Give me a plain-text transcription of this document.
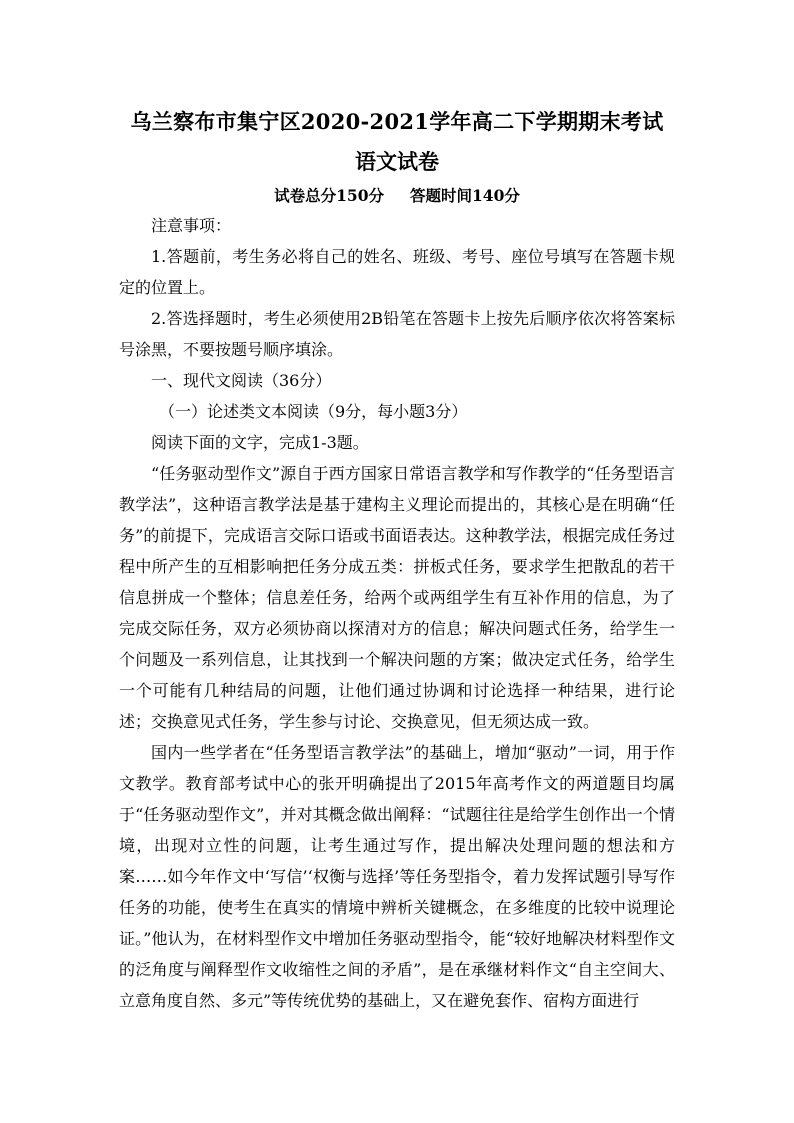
乌兰察布市集宁区2020-2021学年高二下学期期末考试
语文试卷
试卷总分150分 答题时间140分

注意事项：

1.答题前，考生务必将自己的姓名、班级、考号、座位号填写在答题卡规定的位置上。

2.答选择题时，考生必须使用2B铅笔在答题卡上按先后顺序依次将答案标号涂黑，不要按题号顺序填涂。

一、现代文阅读（36分）

（一）论述类文本阅读（9分，每小题3分）

阅读下面的文字，完成1-3题。

“任务驱动型作文”源自于西方国家日常语言教学和写作教学的“任务型语言教学法”，这种语言教学法是基于建构主义理论而提出的，其核心是在明确“任务”的前提下，完成语言交际口语或书面语表达。这种教学法，根据完成任务过程中所产生的互相影响把任务分成五类：拼板式任务，要求学生把散乱的若干信息拼成一个整体；信息差任务，给两个或两组学生有互补作用的信息，为了完成交际任务，双方必须协商以探清对方的信息；解决问题式任务，给学生一个问题及一系列信息，让其找到一个解决问题的方案；做决定式任务，给学生一个可能有几种结局的问题，让他们通过协调和讨论选择一种结果，进行论述；交换意见式任务，学生参与讨论、交换意见，但无须达成一致。

国内一些学者在“任务型语言教学法”的基础上，增加“驱动”一词，用于作文教学。教育部考试中心的张开明确提出了2015年高考作文的两道题目均属于“任务驱动型作文”，并对其概念做出阐释：“试题往往是给学生创作出一个情境，出现对立性的问题，让考生通过写作，提出解决处理问题的想法和方案……如今年作文中‘写信’‘权衡与选择’等任务型指令，着力发挥试题引导写作任务的功能，使考生在真实的情境中辨析关键概念，在多维度的比较中说理论证。”他认为，在材料型作文中增加任务驱动型指令，能“较好地解决材料型作文的泛角度与阐释型作文收缩性之间的矛盾”，是在承继材料作文“自主空间大、立意角度自然、多元”等传统优势的基础上，又在避免套作、宿构方面进行
